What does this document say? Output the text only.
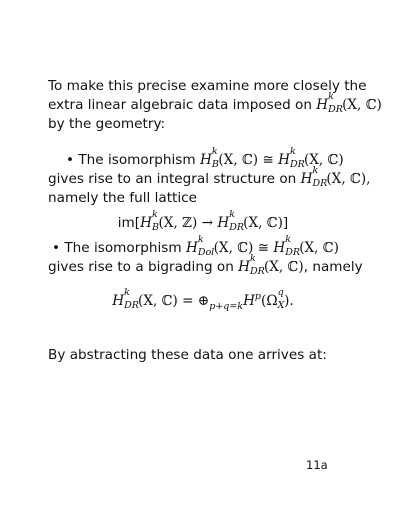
To make this precise examine more closely the
extra linear algebraic data imposed on H
k
DR (X, ℂ)
by the geometry:
• The isomorphism H
k
B (X, ℂ) ≅ H
k
DR (X, ℂ)
gives rise to an integral structure on H
k
DR (X, ℂ),
namely the full lattice
im[H
k
B (X, ℤ) → H
k
DR (X, ℂ)]
• The isomorphism H
k
Dol (X, ℂ) ≅ H
k
DR (X, ℂ)
gives rise to a bigrading on H
k
DR (X, ℂ), namely
H
k
DR (X, ℂ) = $\oplus_{p+q=k}H^p(\Omega$
q
X ).
By abstracting these data one arrives at:
11a
